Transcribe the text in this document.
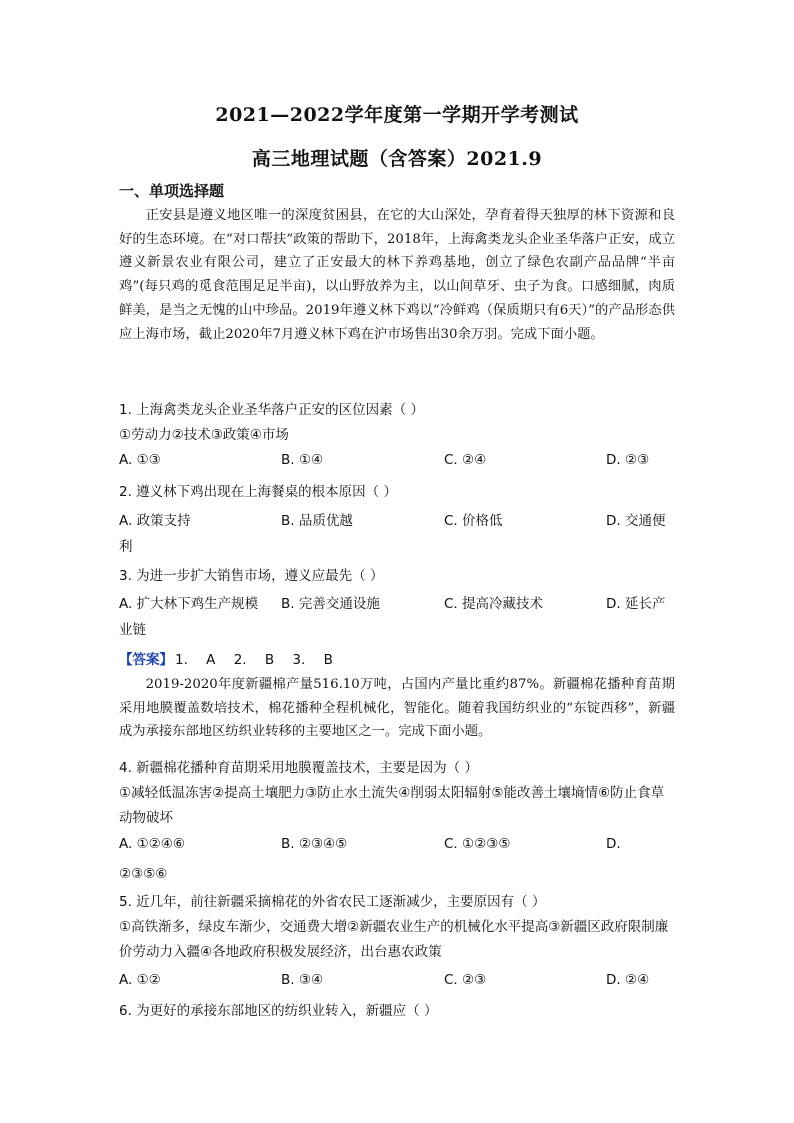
2021—2022学年度第一学期开学考测试
高三地理试题（含答案）2021.9
一、单项选择题
正安县是遵义地区唯一的深度贫困县，在它的大山深处，孕育着得天独厚的林下资源和良好的生态环境。在“对口帮扶”政策的帮助下，2018年，上海禽类龙头企业圣华落户正安，成立遵义新景农业有限公司，建立了正安最大的林下养鸡基地，创立了绿色农副产品品牌“半亩鸡”(每只鸡的觅食范围足足半亩)，以山野放养为主，以山间草牙、虫子为食。口感细腻，肉质鲜美，是当之无愧的山中珍品。2019年遵义林下鸡以“冷鲜鸡（保质期只有6天）”的产品形态供应上海市场，截止2020年7月遵义林下鸡在沪市场售出30余万羽。完成下面小题。
1. 上海禽类龙头企业圣华落户正安的区位因素（ ）
①劳动力②技术③政策④市场
A. ①③	B. ①④	C. ②④	D. ②③
2. 遵义林下鸡出现在上海餐桌的根本原因（ ）
A. 政策支持	B. 品质优越	C. 价格低	D. 交通便
利
3. 为进一步扩大销售市场，遵义应最先（ ）
A. 扩大林下鸡生产规模 B. 完善交通设施	C. 提高冷藏技术	D. 延长产
业链
【答案】 1. A 2. B 3. B
2019-2020年度新疆棉产量516.10万吨，占国内产量比重约87%。新疆棉花播种育苗期采用地膜覆盖数培技术，棉花播种全程机械化，智能化。随着我国纺织业的“东锭西移”，新疆成为承接东部地区纺织业转移的主要地区之一。完成下面小题。
4. 新疆棉花播种育苗期采用地膜覆盖技术，主要是因为（ ）
①减轻低温冻害②提高土壤肥力③防止水土流失④削弱太阳辐射⑤能改善土壤墒情⑥防止食草动物破坏
A. ①②④⑥	B. ②③④⑤	C. ①②③⑤	D.
②③⑤⑥
5. 近几年，前往新疆采摘棉花的外省农民工逐渐减少，主要原因有（ ）
①高铁渐多，绿皮车渐少，交通费大增②新疆农业生产的机械化水平提高③新疆区政府限制廉价劳动力入疆④各地政府积极发展经济，出台惠农政策
A. ①②	B. ③④	C. ②③	D. ②④
6. 为更好的承接东部地区的纺织业转入，新疆应（ ）
